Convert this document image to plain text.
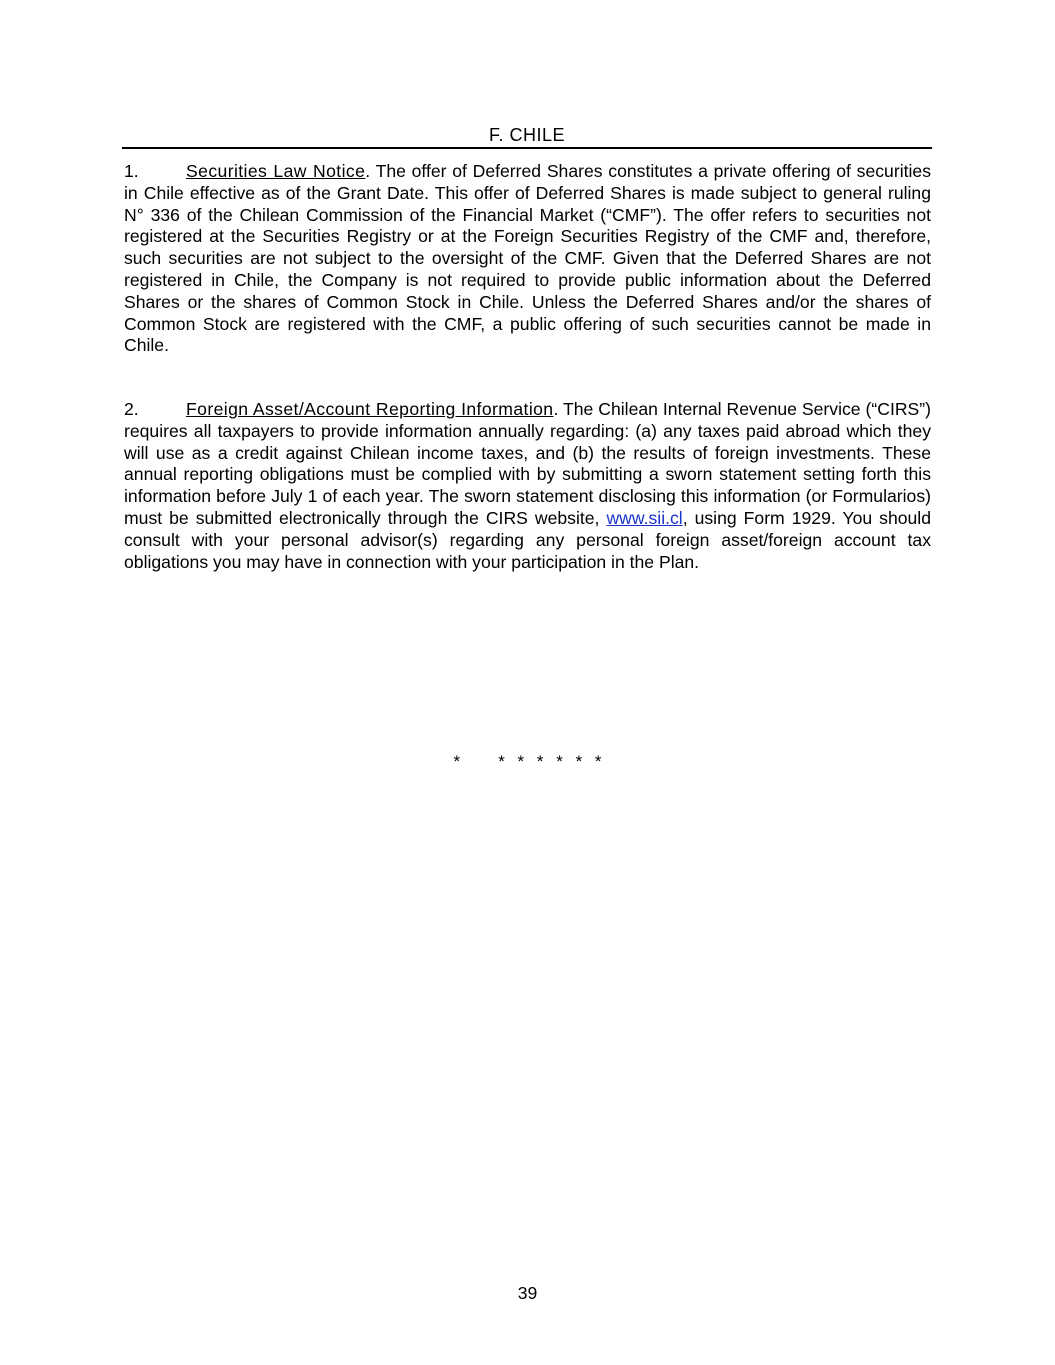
F. CHILE

1.	Securities Law Notice. The offer of Deferred Shares constitutes a private offering of securities in Chile effective as of the Grant Date. This offer of Deferred Shares is made subject to general ruling N° 336 of the Chilean Commission of the Financial Market (“CMF”). The offer refers to securities not registered at the Securities Registry or at the Foreign Securities Registry of the CMF and, therefore, such securities are not subject to the oversight of the CMF. Given that the Deferred Shares are not registered in Chile, the Company is not required to provide public information about the Deferred Shares or the shares of Common Stock in Chile. Unless the Deferred Shares and/or the shares of Common Stock are registered with the CMF, a public offering of such securities cannot be made in Chile.

2.	Foreign Asset/Account Reporting Information. The Chilean Internal Revenue Service (“CIRS”) requires all taxpayers to provide information annually regarding: (a) any taxes paid abroad which they will use as a credit against Chilean income taxes, and (b) the results of foreign investments. These annual reporting obligations must be complied with by submitting a sworn statement setting forth this information before July 1 of each year. The sworn statement disclosing this information (or Formularios) must be submitted electronically through the CIRS website, www.sii.cl, using Form 1929. You should consult with your personal advisor(s) regarding any personal foreign asset/foreign account tax obligations you may have in connection with your participation in the Plan.

*   * * * * * *
39
